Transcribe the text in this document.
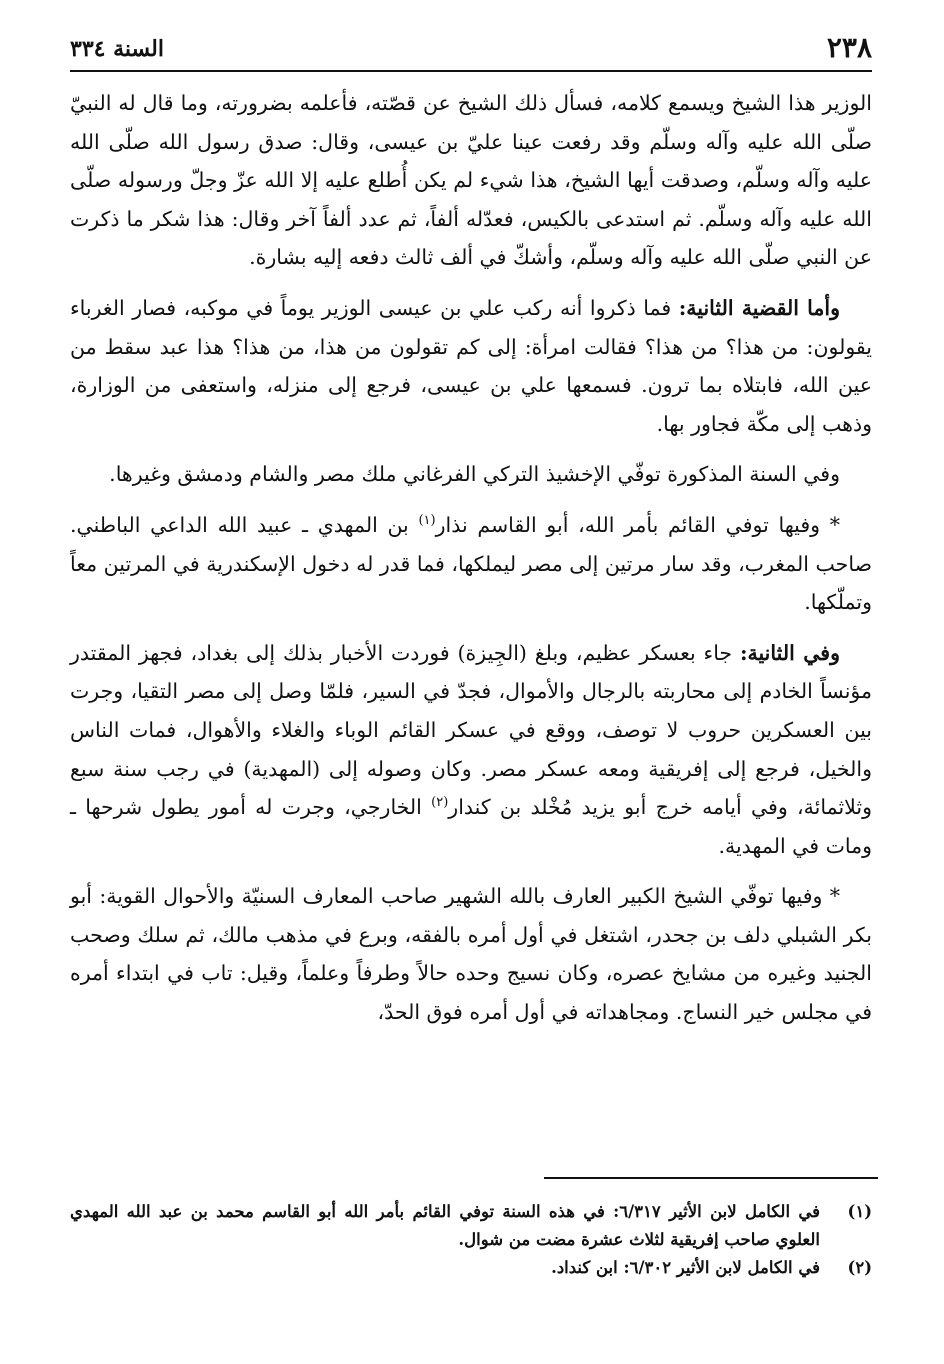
٢٣٨
السنة ٣٣٤

الوزير هذا الشيخ ويسمع كلامه، فسأل ذلك الشيخ عن قصّته، فأعلمه بضرورته، وما قال له النبيّ صلّى الله عليه وآله وسلّم وقد رفعت عينا عليّ بن عيسى، وقال: صدق رسول الله صلّى الله عليه وآله وسلّم، وصدقت أيها الشيخ، هذا شيء لم يكن أُطلع عليه إلا الله عزّ وجلّ ورسوله صلّى الله عليه وآله وسلّم. ثم استدعى بالكيس، فعدّله ألفاً، ثم عدد ألفاً آخر وقال: هذا شكر ما ذكرت عن النبي صلّى الله عليه وآله وسلّم، وأشكّ في ألف ثالث دفعه إليه بشارة.

وأما القضية الثانية: فما ذكروا أنه ركب علي بن عيسى الوزير يوماً في موكبه، فصار الغرباء يقولون: من هذا؟ من هذا؟ فقالت امرأة: إلى كم تقولون من هذا، من هذا؟ هذا عبد سقط من عين الله، فابتلاه بما ترون. فسمعها علي بن عيسى، فرجع إلى منزله، واستعفى من الوزارة، وذهب إلى مكّة فجاور بها.

وفي السنة المذكورة توفّي الإخشيذ التركي الفرغاني ملك مصر والشام ودمشق وغيرها.

* وفيها توفي القائم بأمر الله، أبو القاسم نذار$^{(١)}$ بن المهدي ـ عبيد الله الداعي الباطني. صاحب المغرب، وقد سار مرتين إلى مصر ليملكها، فما قدر له دخول الإسكندرية في المرتين معاً وتملّكها.

وفي الثانية: جاء بعسكر عظيم، وبلغ (الجِيزة) فوردت الأخبار بذلك إلى بغداد، فجهز المقتدر مؤنساً الخادم إلى محاربته بالرجال والأموال، فجدّ في السير، فلمّا وصل إلى مصر التقيا، وجرت بين العسكرين حروب لا توصف، ووقع في عسكر القائم الوباء والغلاء والأهوال، فمات الناس والخيل، فرجع إلى إفريقية ومعه عسكر مصر. وكان وصوله إلى (المهدية) في رجب سنة سبع وثلاثمائة، وفي أيامه خرج أبو يزيد مُخْلد بن كندار$^{(٢)}$ الخارجي، وجرت له أمور يطول شرحها ـ ومات في المهدية.

* وفيها توفّي الشيخ الكبير العارف بالله الشهير صاحب المعارف السنيّة والأحوال القوية: أبو بكر الشبلي دلف بن جحدر، اشتغل في أول أمره بالفقه، وبرع في مذهب مالك، ثم سلك وصحب الجنيد وغيره من مشايخ عصره، وكان نسيج وحده حالاً وطرفاً وعلماً، وقيل: تاب في ابتداء أمره في مجلس خير النساج. ومجاهداته في أول أمره فوق الحدّ،

(١)
في الكامل لابن الأثير ٦/٣١٧: في هذه السنة توفي القائم بأمر الله أبو القاسم محمد بن عبد الله المهدي العلوي صاحب إفريقية لثلاث عشرة مضت من شوال.

(٢)
في الكامل لابن الأثير ٦/٣٠٢: ابن كنداد.
